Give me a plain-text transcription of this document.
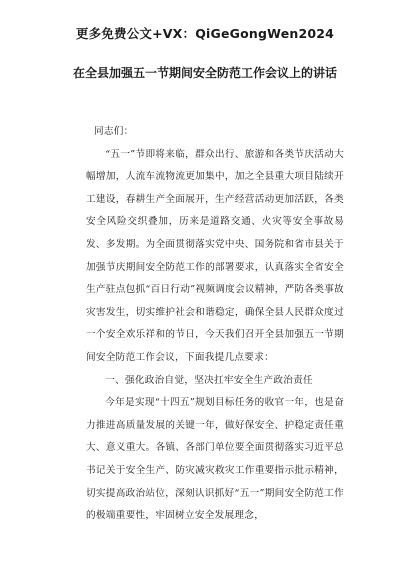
更多免费公文+VX：QiGeGongWen2024
在全县加强五一节期间安全防范工作会议上的讲话

同志们：

“五一”节即将来临，群众出行、旅游和各类节庆活动大幅增加，人流车流物流更加集中，加之全县重大项目陆续开工建设，春耕生产全面展开，生产经营活动更加活跃，各类安全风险交织叠加，历来是道路交通、火灾等安全事故易发、多发期。为全面贯彻落实党中央、国务院和省市县关于加强节庆期间安全防范工作的部署要求，认真落实全省安全生产驻点包抓“百日行动”视频调度会议精神，严防各类事故灾害发生，切实维护社会和谐稳定，确保全县人民群众度过一个安全欢乐祥和的节日，今天我们召开全县加强五一节期间安全防范工作会议，下面我提几点要求：

一、强化政治自觉，坚决扛牢安全生产政治责任

今年是实现“十四五”规划目标任务的收官一年，也是奋力推进高质量发展的关键一年，做好保安全、护稳定责任重大、意义重大。各镇、各部门单位要全面贯彻落实习近平总书记关于安全生产、防灾减灾救灾工作重要指示批示精神，切实提高政治站位，深刻认识抓好“五一”期间安全防范工作的极端重要性，牢固树立安全发展理念，
